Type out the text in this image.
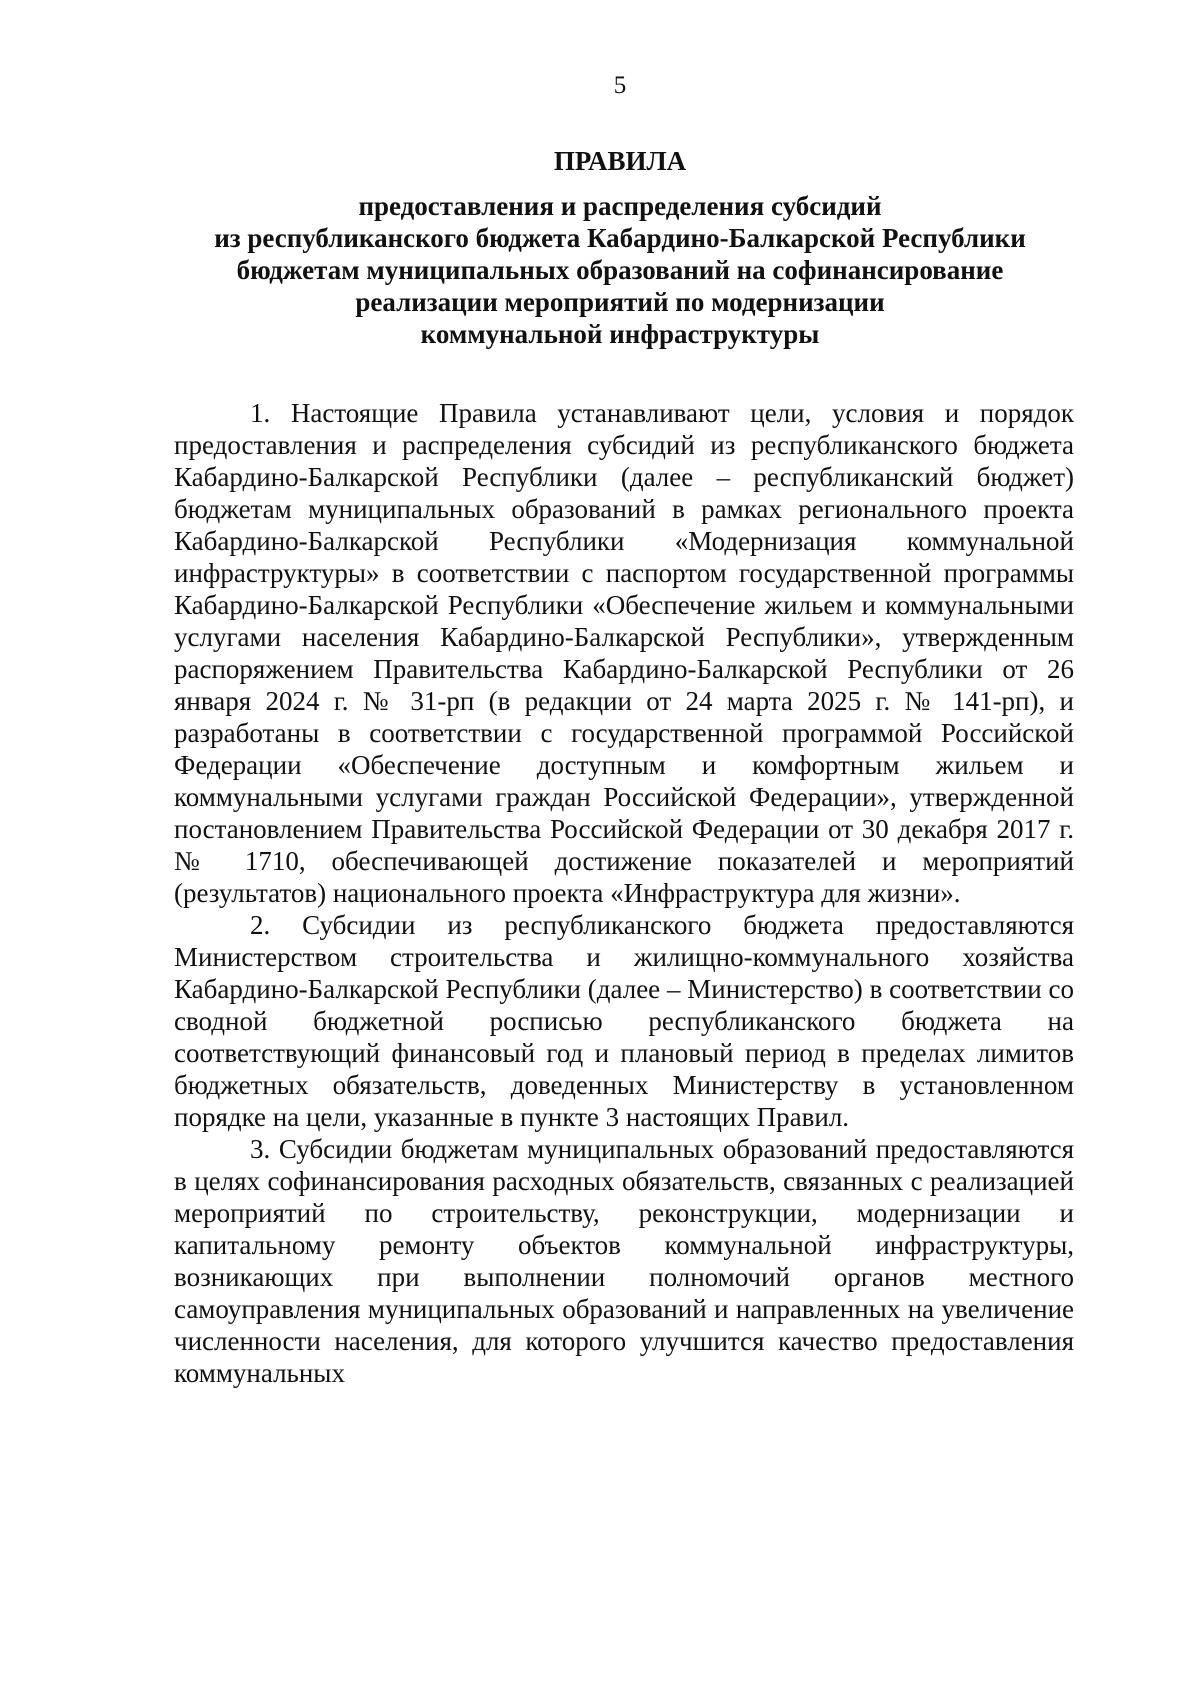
5
ПРАВИЛА
предоставления и распределения субсидий
из республиканского бюджета Кабардино-Балкарской Республики
бюджетам муниципальных образований на софинансирование
реализации мероприятий по модернизации
коммунальной инфраструктуры

1. Настоящие Правила устанавливают цели, условия и порядок предоставления и распределения субсидий из республиканского бюджета Кабардино-Балкарской Республики (далее – республиканский бюджет) бюджетам муниципальных образований в рамках регионального проекта Кабардино-Балкарской Республики «Модернизация коммунальной инфраструктуры» в соответствии с паспортом государственной программы Кабардино-Балкарской Республики «Обеспечение жильем и коммунальными услугами населения Кабардино-Балкарской Республики», утвержденным распоряжением Правительства Кабардино-Балкарской Республики от 26 января 2024 г. № 31-рп (в редакции от 24 марта 2025 г. № 141-рп), и разработаны в соответствии с государственной программой Российской Федерации «Обеспечение доступным и комфортным жильем и коммунальными услугами граждан Российской Федерации», утвержденной постановлением Правительства Российской Федерации от 30 декабря 2017 г. № 1710, обеспечивающей достижение показателей и мероприятий (результатов) национального проекта «Инфраструктура для жизни».

2. Субсидии из республиканского бюджета предоставляются Министерством строительства и жилищно-коммунального хозяйства Кабардино-Балкарской Республики (далее – Министерство) в соответствии со сводной бюджетной росписью республиканского бюджета на соответствующий финансовый год и плановый период в пределах лимитов бюджетных обязательств, доведенных Министерству в установленном порядке на цели, указанные в пункте 3 настоящих Правил.

3. Субсидии бюджетам муниципальных образований предоставляются в целях софинансирования расходных обязательств, связанных с реализацией мероприятий по строительству, реконструкции, модернизации и капитальному ремонту объектов коммунальной инфраструктуры, возникающих при выполнении полномочий органов местного самоуправления муниципальных образований и направленных на увеличение численности населения, для которого улучшится качество предоставления коммунальных
